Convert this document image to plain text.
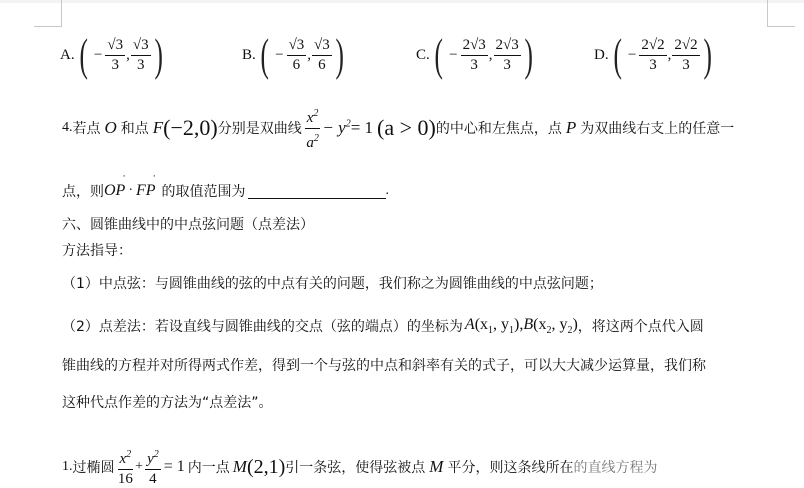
A. ( − $\frac{√3}{3}$ , $\frac{√3}{3}$ )	B. ( − $\frac{√3}{6}$ , $\frac{√3}{6}$ )	C. ( − $\frac{2√3}{3}$ , $\frac{2√3}{3}$ )	D. ( − $\frac{2√2}{3}$ , $\frac{2√2}{3}$ )
4. 若点 O 和点 F (−2,0) 分别是双曲线 $\frac{x^2}{a^2} - y^2 = 1$ (a > 0) 的中心和左焦点，点 P 为双曲线右支上的任意一
点，则 ˙ OP · ˙ FP 的取值范围为	.
六、圆锥曲线中的中点弦问题（点差法）
方法指导：
（1）中点弦：与圆锥曲线的弦的中点有关的问题，我们称之为圆锥曲线的中点弦问题；
（2）点差法：若设直线与圆锥曲线的交点（弦的端点）的坐标为 $A(x_1$, $y_1),B(x_2$, $y_2$) ，将这两个点代入圆
锥曲线的方程并对所得两式作差，得到一个与弦的中点和斜率有关的式子，可以大大减少运算量，我们称
这种代点作差的方法为“点差法”。
1. 过椭圆 $\frac{x^2}{16} + \frac{y^2}{4} = 1$ 内一点 M (2,1) 引一条弦，使得弦被点 M 平分，则这条线所在 的直线方程为
